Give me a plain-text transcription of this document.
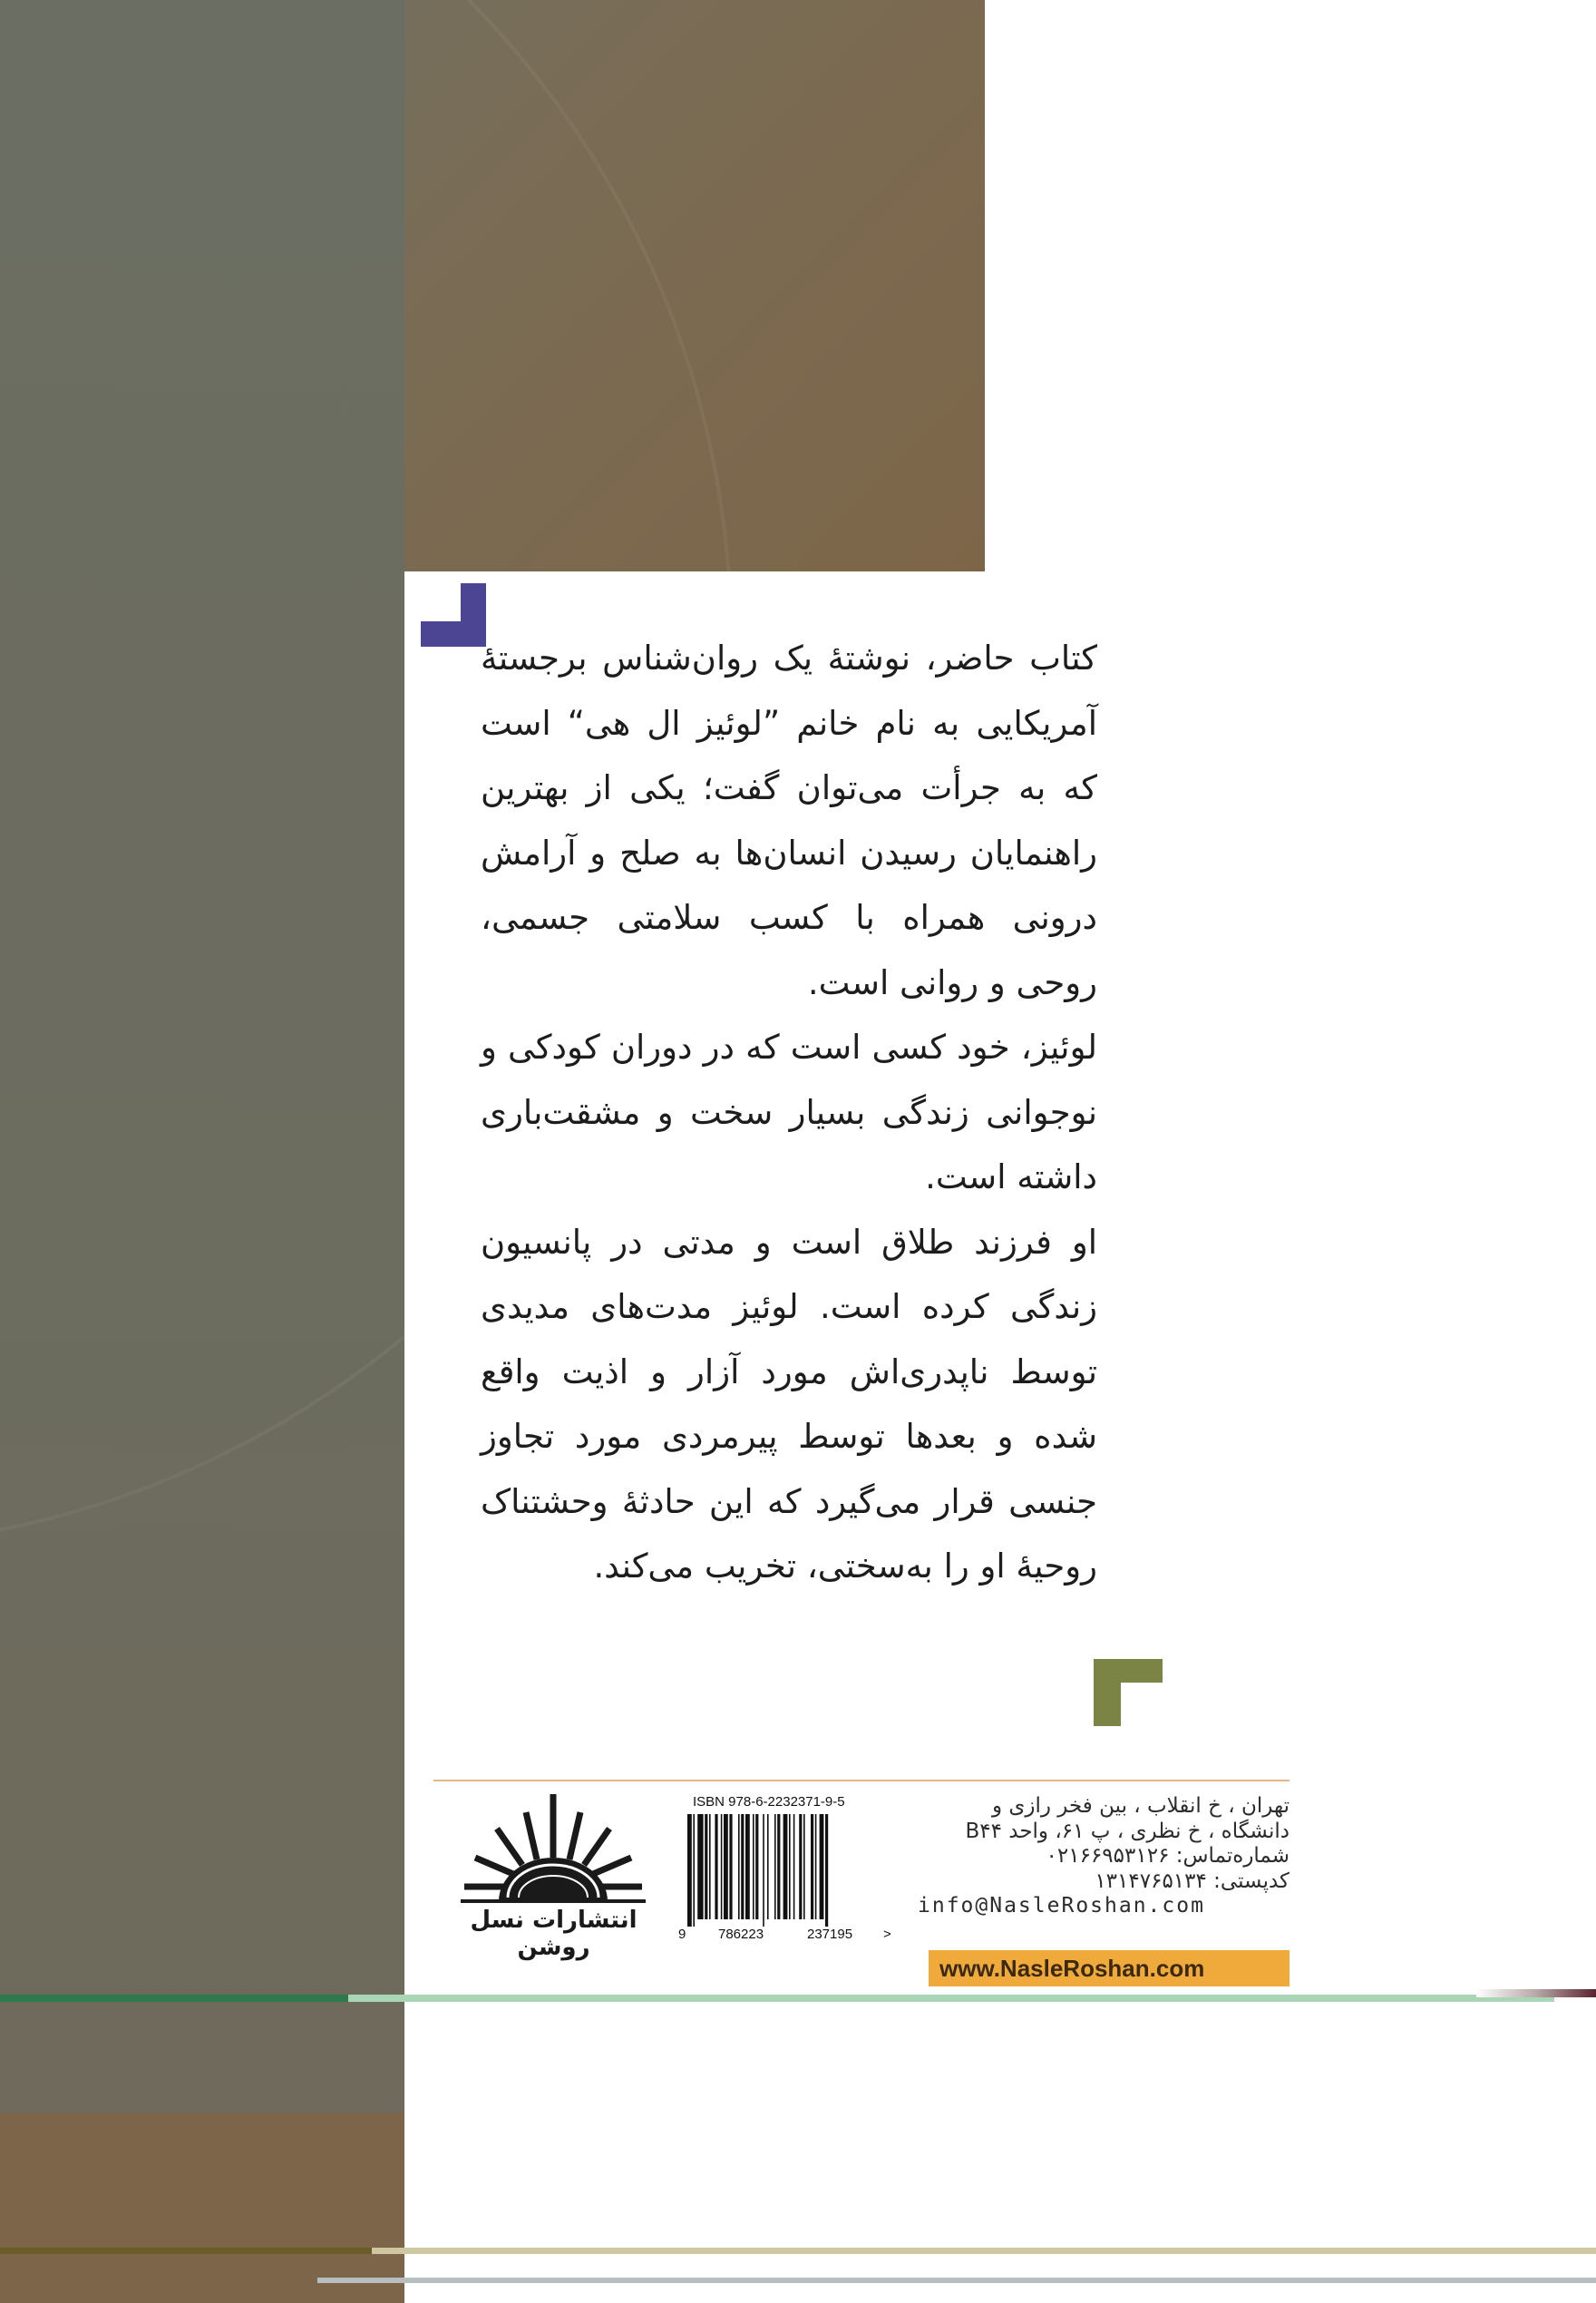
کتاب حاضر، نوشتهٔ یک روان‌شناس برجستهٔ آمریکایی به نام خانم ”لوئیز ال هی“ است که به جرأت می‌توان گفت؛ یکی از بهترین راهنمایان رسیدن انسان‌ها به صلح و آرامش درونی همراه با کسب سلامتی جسمی، روحی و روانی است.

لوئیز، خود کسی است که در دوران کودکی و نوجوانی زندگی بسیار سخت و مشقت‌باری داشته است.

او فرزند طلاق است و مدتی در پانسیون زندگی کرده است. لوئیز مدت‌های مدیدی توسط ناپدری‌اش مورد آزار و اذیت واقع شده و بعدها توسط پیرمردی مورد تجاوز جنسی قرار می‌گیرد که این حادثهٔ وحشتناک روحیهٔ او را به‌سختی، تخریب می‌کند.

انتشارات نسل روشن
ISBN 978-6-2232371-9-5
9 786223	237195 >
تهران ، خ انقلاب ، بین فخر رازی و
دانشگاه ، خ نظری ، پ ۶۱، واحد B۴۴
شماره‌تماس: ۰۲۱۶۶۹۵۳۱۲۶
کدپستی: ۱۳۱۴۷۶۵۱۳۴
info@NasleRoshan.com
www.NasleRoshan.com
